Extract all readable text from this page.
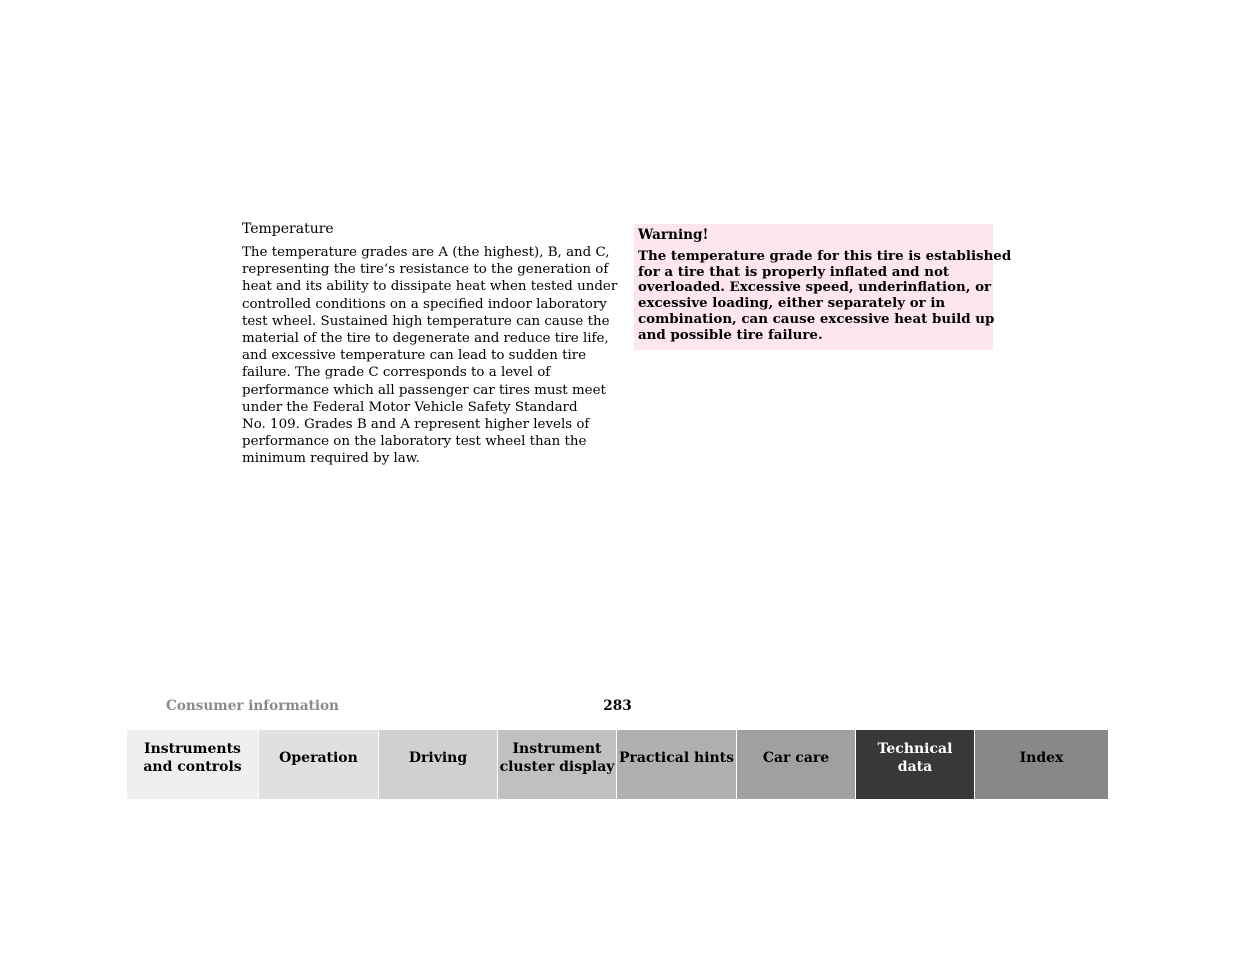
Temperature

The temperature grades are A (the highest), B, and C,
representing the tire‘s resistance to the generation of
heat and its ability to dissipate heat when tested under
controlled conditions on a specified indoor laboratory
test wheel. Sustained high temperature can cause the
material of the tire to degenerate and reduce tire life,
and excessive temperature can lead to sudden tire
failure. The grade C corresponds to a level of
performance which all passenger car tires must meet
under the Federal Motor Vehicle Safety Standard
No. 109. Grades B and A represent higher levels of
performance on the laboratory test wheel than the
minimum required by law.

Warning!

The temperature grade for this tire is established
for a tire that is properly inflated and not
overloaded. Excessive speed, underinflation, or
excessive loading, either separately or in
combination, can cause excessive heat build up
and possible tire failure.

Consumer information	283
Instruments
and controls
Operation	Driving
Instrument
cluster display
Practical hints Car care
Technical
data
Index
